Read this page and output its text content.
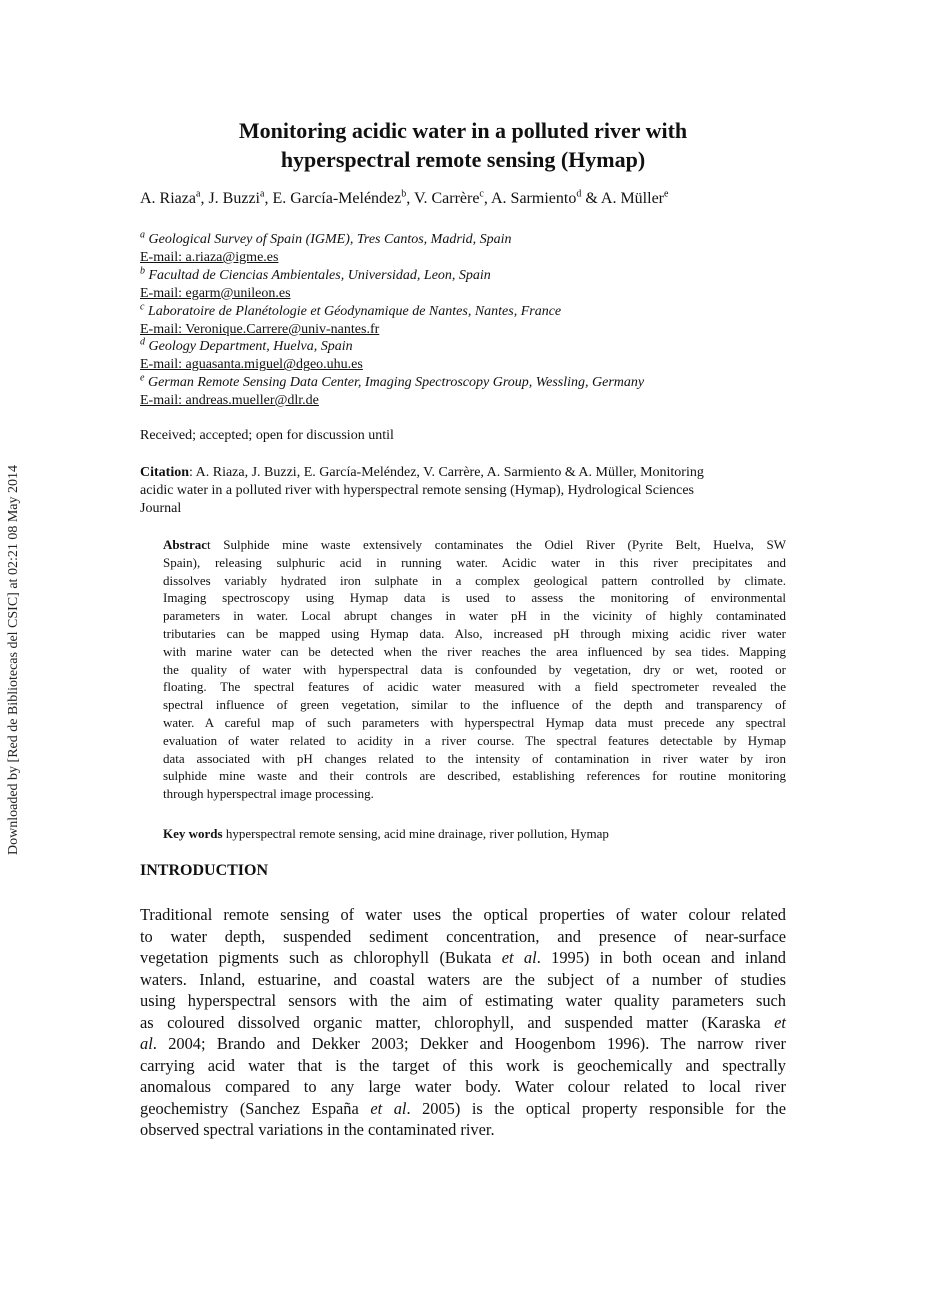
Downloaded by [Red de Bibliotecas del CSIC] at 02:21 08 May 2014
Monitoring acidic water in a polluted river with
hyperspectral remote sensing (Hymap)
A. Riaza$^a$, J. Buzzi$^a$, E. García-Meléndez$^b$, V. Carrère$^c$, A. Sarmiento$^d$ & A. Müller$^e$
$^a$ Geological Survey of Spain (IGME), Tres Cantos, Madrid, Spain
E-mail: a.riaza@igme.es
$^b$ Facultad de Ciencias Ambientales, Universidad, Leon, Spain
E-mail: egarm@unileon.es
$^c$ Laboratoire de Planétologie et Géodynamique de Nantes, Nantes, France
E-mail: Veronique.Carrere@univ-nantes.fr
$^d$ Geology Department, Huelva, Spain
E-mail: aguasanta.miguel@dgeo.uhu.es
$^e$ German Remote Sensing Data Center, Imaging Spectroscopy Group, Wessling, Germany
E-mail: andreas.mueller@dlr.de
Received; accepted; open for discussion until
Citation: A. Riaza, J. Buzzi, E. García-Meléndez, V. Carrère, A. Sarmiento & A. Müller, Monitoring
acidic water in a polluted river with hyperspectral remote sensing (Hymap), Hydrological Sciences
Journal
Abstract Sulphide mine waste extensively contaminates the Odiel River (Pyrite Belt, Huelva, SW
Spain), releasing sulphuric acid in running water. Acidic water in this river precipitates and
dissolves variably hydrated iron sulphate in a complex geological pattern controlled by climate.
Imaging spectroscopy using Hymap data is used to assess the monitoring of environmental
parameters in water. Local abrupt changes in water pH in the vicinity of highly contaminated
tributaries can be mapped using Hymap data. Also, increased pH through mixing acidic river water
with marine water can be detected when the river reaches the area influenced by sea tides. Mapping
the quality of water with hyperspectral data is confounded by vegetation, dry or wet, rooted or
floating. The spectral features of acidic water measured with a field spectrometer revealed the
spectral influence of green vegetation, similar to the influence of the depth and transparency of
water. A careful map of such parameters with hyperspectral Hymap data must precede any spectral
evaluation of water related to acidity in a river course. The spectral features detectable by Hymap
data associated with pH changes related to the intensity of contamination in river water by iron
sulphide mine waste and their controls are described, establishing references for routine monitoring
through hyperspectral image processing.
Key words hyperspectral remote sensing, acid mine drainage, river pollution, Hymap
INTRODUCTION
Traditional remote sensing of water uses the optical properties of water colour related
to water depth, suspended sediment concentration, and presence of near-surface
vegetation pigments such as chlorophyll (Bukata et al. 1995) in both ocean and inland
waters. Inland, estuarine, and coastal waters are the subject of a number of studies
using hyperspectral sensors with the aim of estimating water quality parameters such
as coloured dissolved organic matter, chlorophyll, and suspended matter (Karaska et
al. 2004; Brando and Dekker 2003; Dekker and Hoogenbom 1996). The narrow river
carrying acid water that is the target of this work is geochemically and spectrally
anomalous compared to any large water body. Water colour related to local river
geochemistry (Sanchez España et al. 2005) is the optical property responsible for the
observed spectral variations in the contaminated river.
